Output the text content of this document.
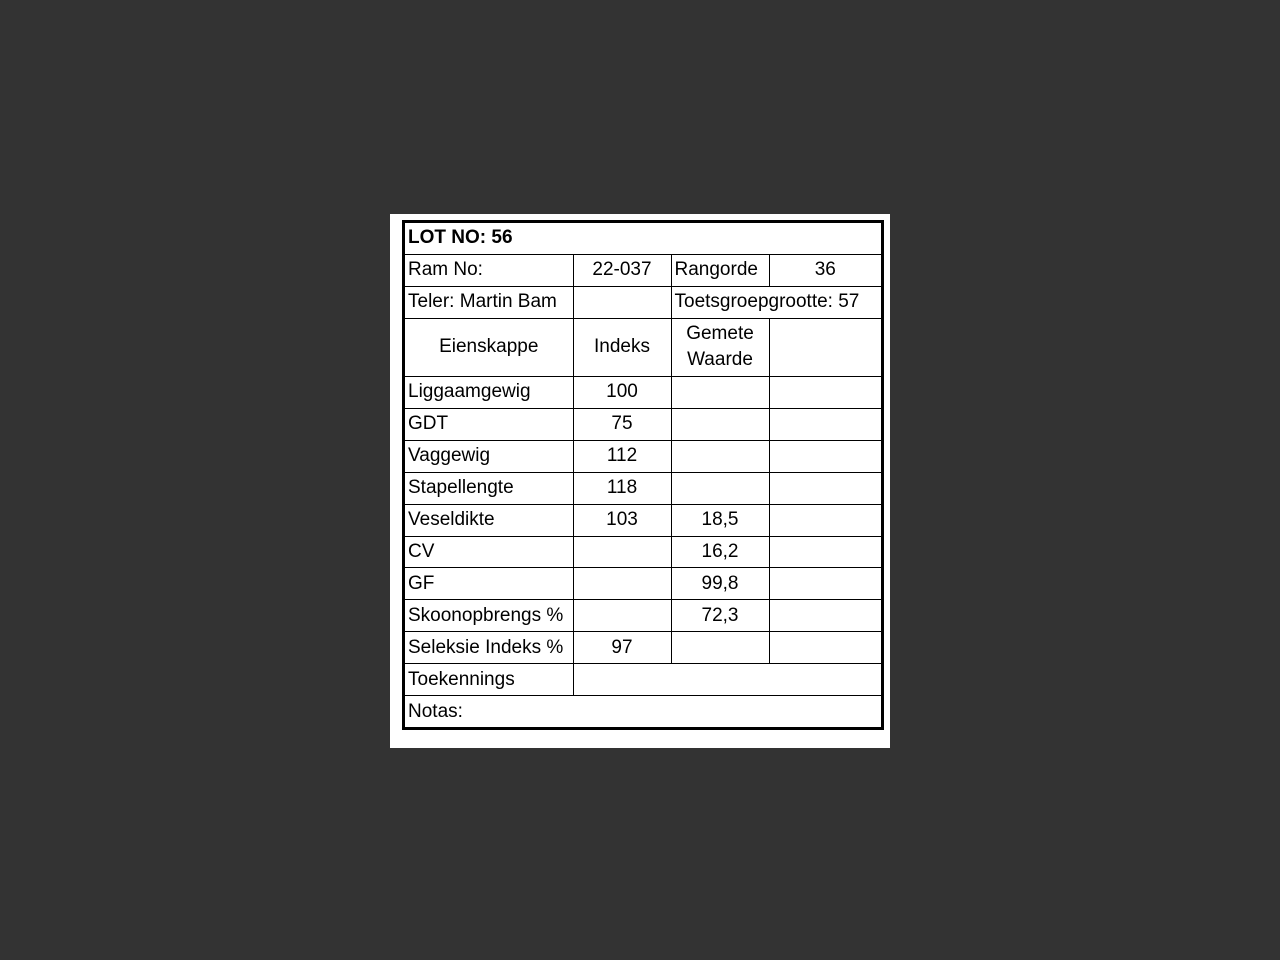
LOT NO: 56			
Ram No:	22-037	Rangorde	36
Teler: Martin Bam		Toetsgroepgrootte: 57	
Eienskappe	Indeks	Gemete
Waarde	

Liggaamgewig	100		
GDT	75		
Vaggewig	112		
Stapellengte	118		
Veseldikte	103	18,5	
CV		16,2	
GF		99,8	
Skoonopbrengs %		72,3	
Seleksie Indeks %	97		
Toekennings			
Notas:			
